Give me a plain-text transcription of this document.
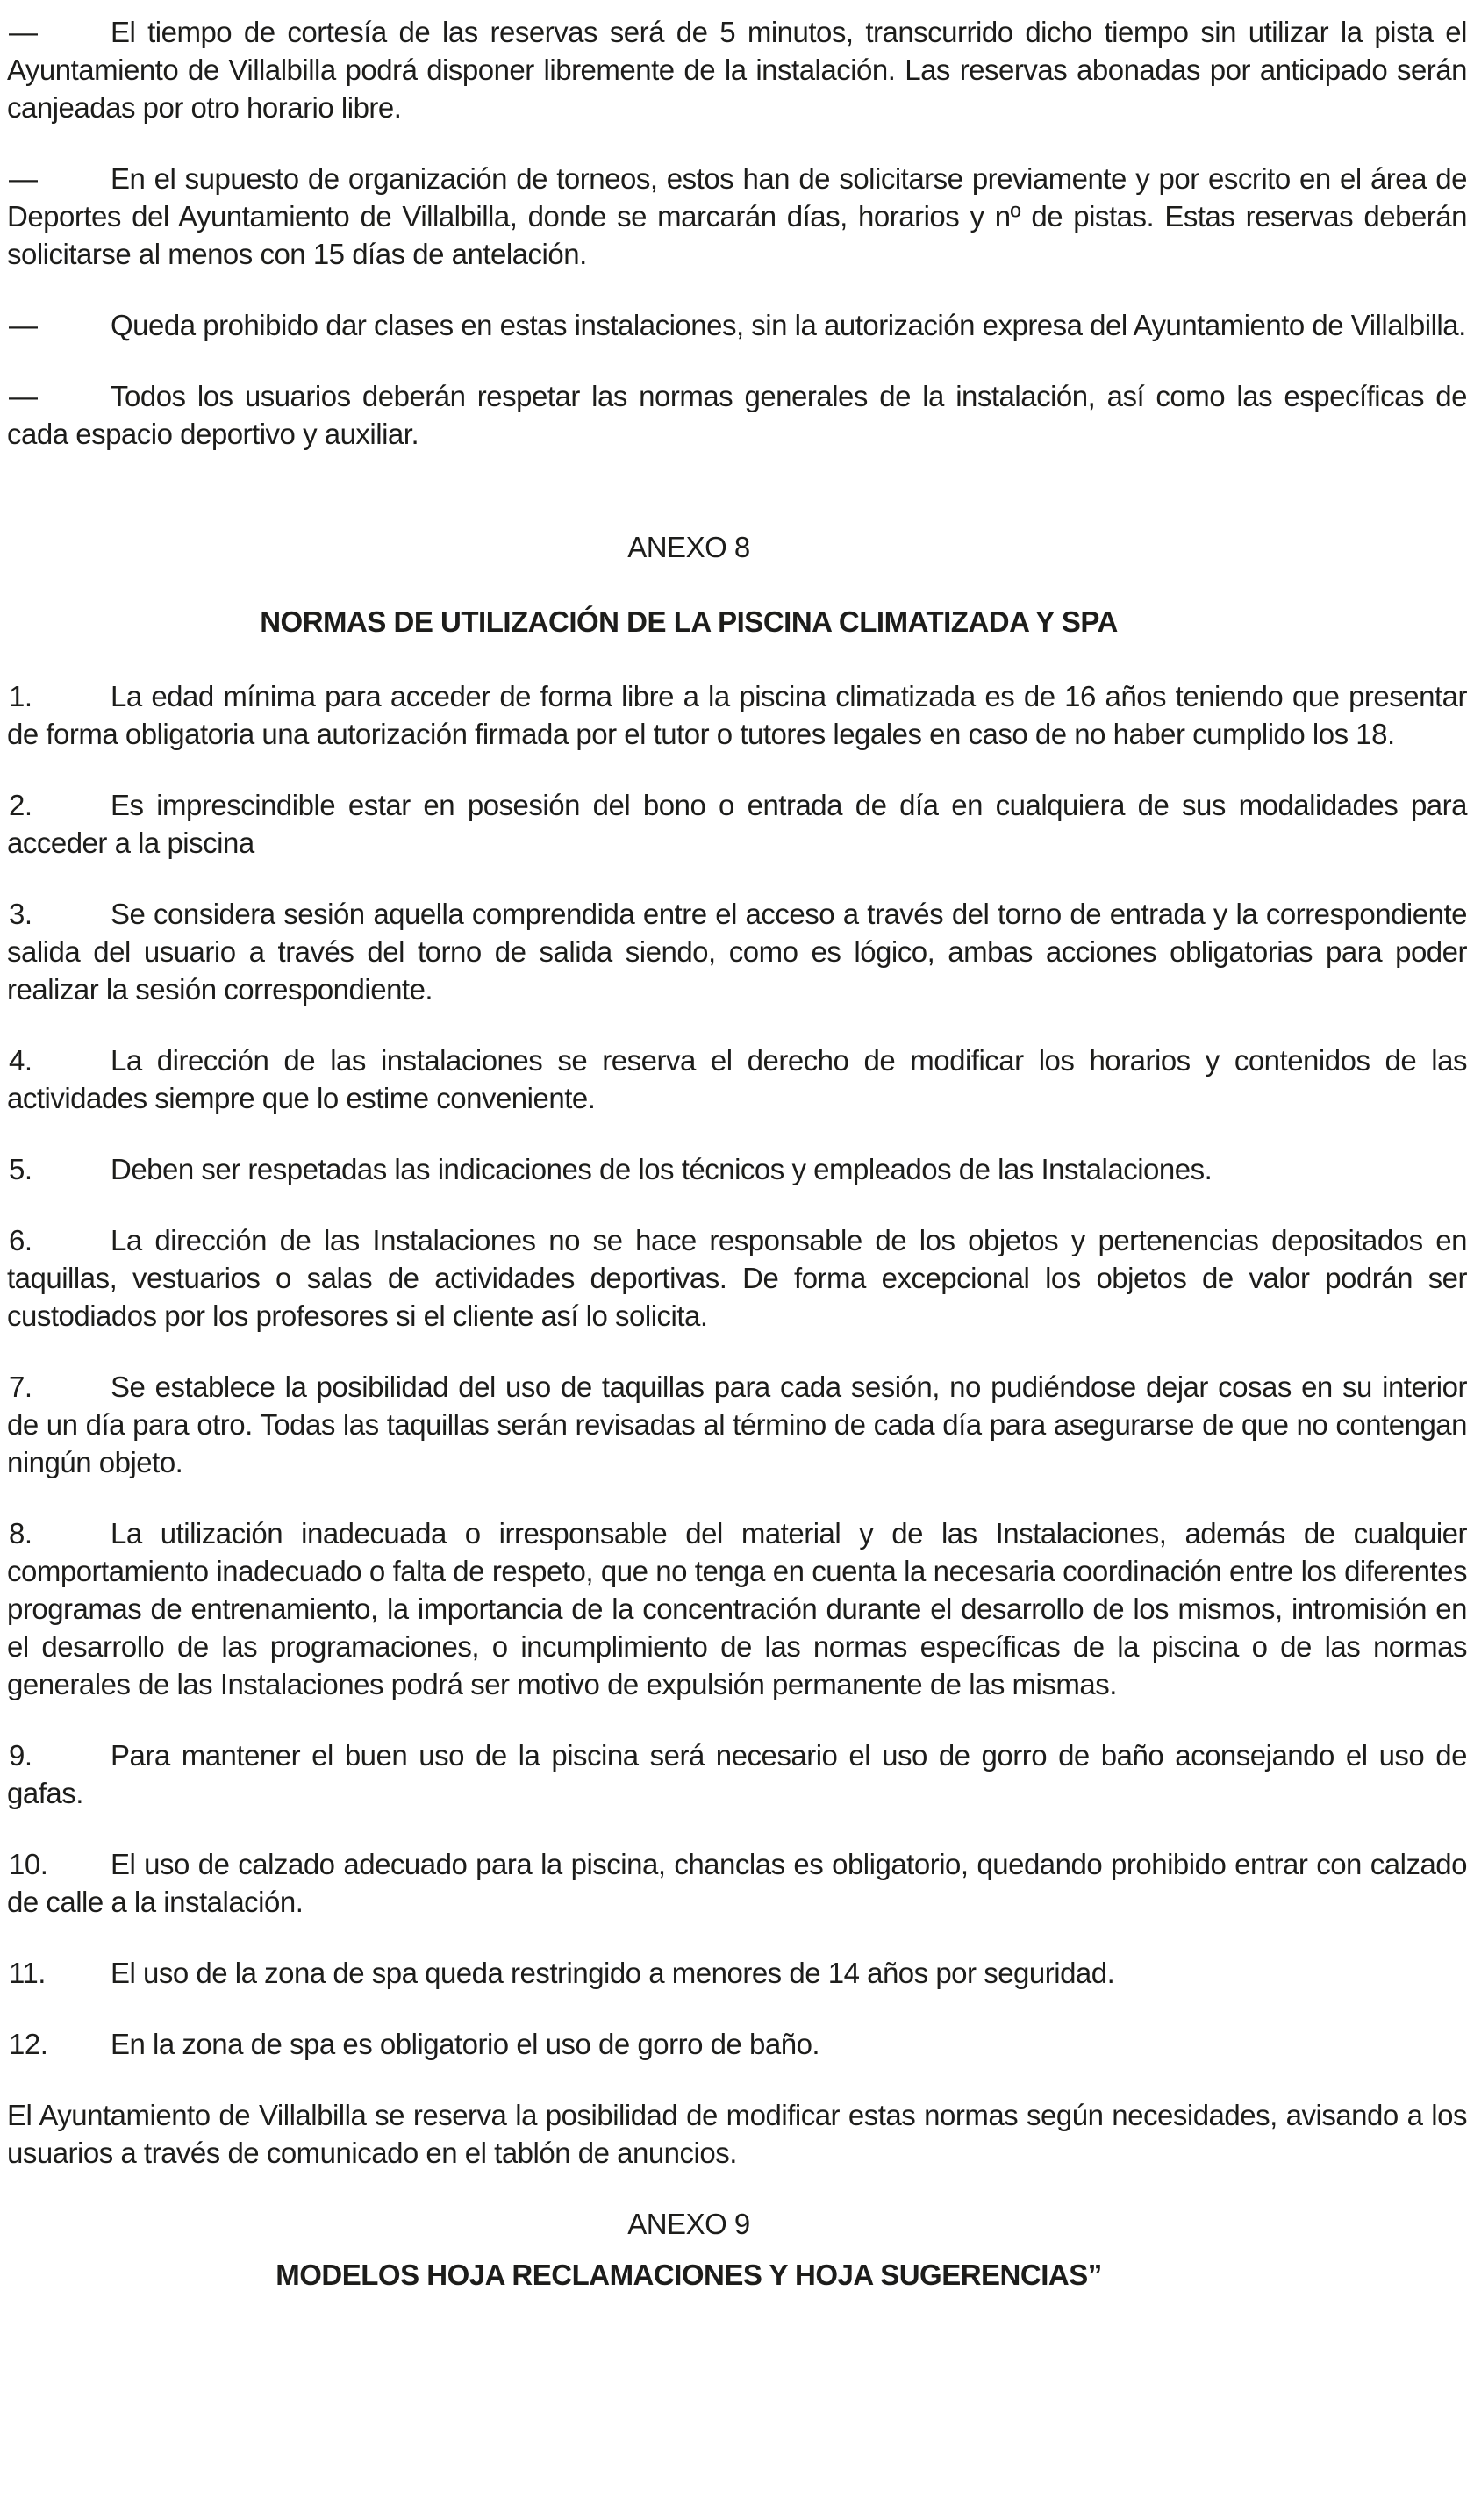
—	El tiempo de cortesía de las reservas será de 5 minutos, transcurrido dicho tiempo sin utilizar la pista el Ayuntamiento de Villalbilla podrá disponer libremente de la instalación. Las reservas abonadas por anticipado serán canjeadas por otro horario libre.

—	En el supuesto de organización de torneos, estos han de solicitarse previamente y por escrito en el área de Deportes del Ayuntamiento de Villalbilla, donde se marcarán días, horarios y nº de pistas. Estas reservas deberán solicitarse al menos con 15 días de antelación.

—	Queda prohibido dar clases en estas instalaciones, sin la autorización expresa del Ayuntamiento de Villalbilla.

—	Todos los usuarios deberán respetar las normas generales de la instalación, así como las específicas de cada espacio deportivo y auxiliar.

ANEXO 8

NORMAS DE UTILIZACIÓN DE LA PISCINA CLIMATIZADA Y SPA

1.	La edad mínima para acceder de forma libre a la piscina climatizada es de 16 años teniendo que presentar de forma obligatoria una autorización firmada por el tutor o tutores legales en caso de no haber cumplido los 18.

2.	Es imprescindible estar en posesión del bono o entrada de día en cualquiera de sus modalidades para acceder a la piscina

3.	Se considera sesión aquella comprendida entre el acceso a través del torno de entrada y la correspondiente salida del usuario a través del torno de salida siendo, como es lógico, ambas acciones obligatorias para poder realizar la sesión correspondiente.

4.	La dirección de las instalaciones se reserva el derecho de modificar los horarios y contenidos de las actividades siempre que lo estime conveniente.

5.	Deben ser respetadas las indicaciones de los técnicos y empleados de las Instalaciones.

6.	La dirección de las Instalaciones no se hace responsable de los objetos y pertenencias depositados en taquillas, vestuarios o salas de actividades deportivas. De forma excepcional los objetos de valor podrán ser custodiados por los profesores si el cliente así lo solicita.

7.	Se establece la posibilidad del uso de taquillas para cada sesión, no pudiéndose dejar cosas en su interior de un día para otro. Todas las taquillas serán revisadas al término de cada día para asegurarse de que no contengan ningún objeto.

8.	La utilización inadecuada o irresponsable del material y de las Instalaciones, además de cualquier comportamiento inadecuado o falta de respeto, que no tenga en cuenta la necesaria coordinación entre los diferentes programas de entrenamiento, la importancia de la concentración durante el desarrollo de los mismos, intromisión en el desarrollo de las programaciones, o incumplimiento de las normas específicas de la piscina o de las normas generales de las Instalaciones podrá ser motivo de expulsión permanente de las mismas.

9.	Para mantener el buen uso de la piscina será necesario el uso de gorro de baño aconsejando el uso de gafas.

10. El uso de calzado adecuado para la piscina, chanclas es obligatorio, quedando prohibido entrar con calzado de calle a la instalación.

11. El uso de la zona de spa queda restringido a menores de 14 años por seguridad.

12. En la zona de spa es obligatorio el uso de gorro de baño.

El Ayuntamiento de Villalbilla se reserva la posibilidad de modificar estas normas según necesidades, avisando a los usuarios a través de comunicado en el tablón de anuncios.

ANEXO 9

MODELOS HOJA RECLAMACIONES Y HOJA SUGERENCIAS”
